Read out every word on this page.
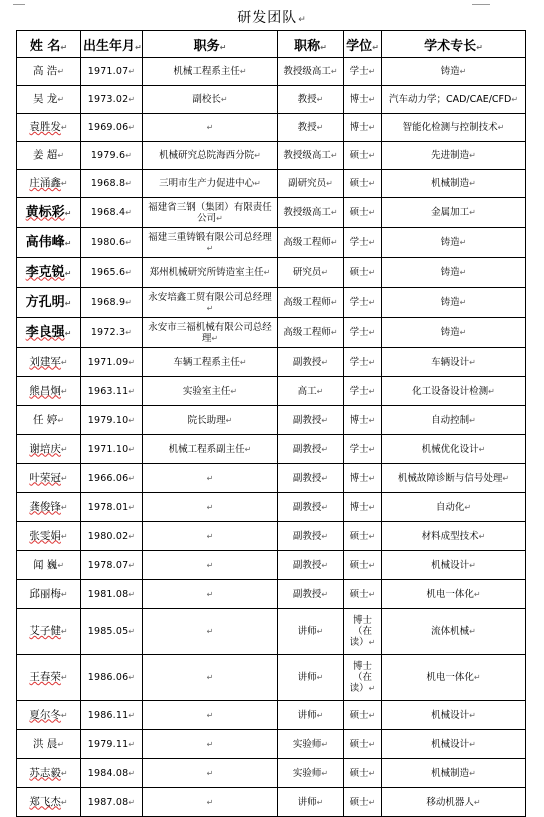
研发团队↵
姓 名↵	出生年月↵	职务↵	职称↵	学位↵	学术专长↵
高 浩↵	1971.07↵	机械工程系主任↵	教授级高工↵	学士↵	铸造↵
吴 龙↵	1973.02↵	副校长↵	教授↵	博士↵	汽车动力学；CAD/CAE/CFD↵
袁胜发↵	1969.06↵	↵	教授↵	博士↵	智能化检测与控制技术↵
姜 超↵	1979.6↵	机械研究总院海西分院↵	教授级高工↵	硕士↵	先进制造↵
庄涌鑫↵	1968.8↵	三明市生产力促进中心↵	副研究员↵	硕士↵	机械制造↵
黄标彩↵	1968.4↵	福建省三钢（集团）有限责任公司↵	教授级高工↵	硕士↵	金属加工↵
高伟峰↵	1980.6↵	福建三重铸锻有限公司总经理↵	高级工程师↵	学士↵	铸造↵
李克锐↵	1965.6↵	郑州机械研究所铸造室主任↵	研究员↵	硕士↵	铸造↵
方孔明↵	1968.9↵	永安培鑫工贸有限公司总经理↵	高级工程师↵	学士↵	铸造↵
李良强↵	1972.3↵	永安市三福机械有限公司总经理↵	高级工程师↵	学士↵	铸造↵
刘建军↵	1971.09↵	车辆工程系主任↵	副教授↵	学士↵	车辆设计↵
熊昌炯↵	1963.11↵	实验室主任↵	高工↵	学士↵	化工设备设计检测↵
任 婷↵	1979.10↵	院长助理↵	副教授↵	博士↵	自动控制↵
谢培庆↵	1971.10↵	机械工程系副主任↵	副教授↵	学士↵	机械优化设计↵
叶荣冠↵	1966.06↵	↵	副教授↵	博士↵	机械故障诊断与信号处理↵
龚俊锋↵	1978.01↵	↵	副教授↵	博士↵	自动化↵
张雯娟↵	1980.02↵	↵	副教授↵	硕士↵	材料成型技术↵
闻 巍↵	1978.07↵	↵	副教授↵	硕士↵	机械设计↵
邱丽梅↵	1981.08↵	↵	副教授↵	硕士↵	机电一体化↵
艾子健↵	1985.05↵	↵	讲师↵	博士（在读）↵	流体机械↵
王春荣↵	1986.06↵	↵	讲师↵	博士（在读）↵	机电一体化↵
夏尔冬↵	1986.11↵	↵	讲师↵	硕士↵	机械设计↵
洪 晨↵	1979.11↵	↵	实验师↵	硕士↵	机械设计↵
苏志毅↵	1984.08↵	↵	实验师↵	硕士↵	机械制造↵
郑飞杰↵	1987.08↵	↵	讲师↵	硕士↵	移动机器人↵
